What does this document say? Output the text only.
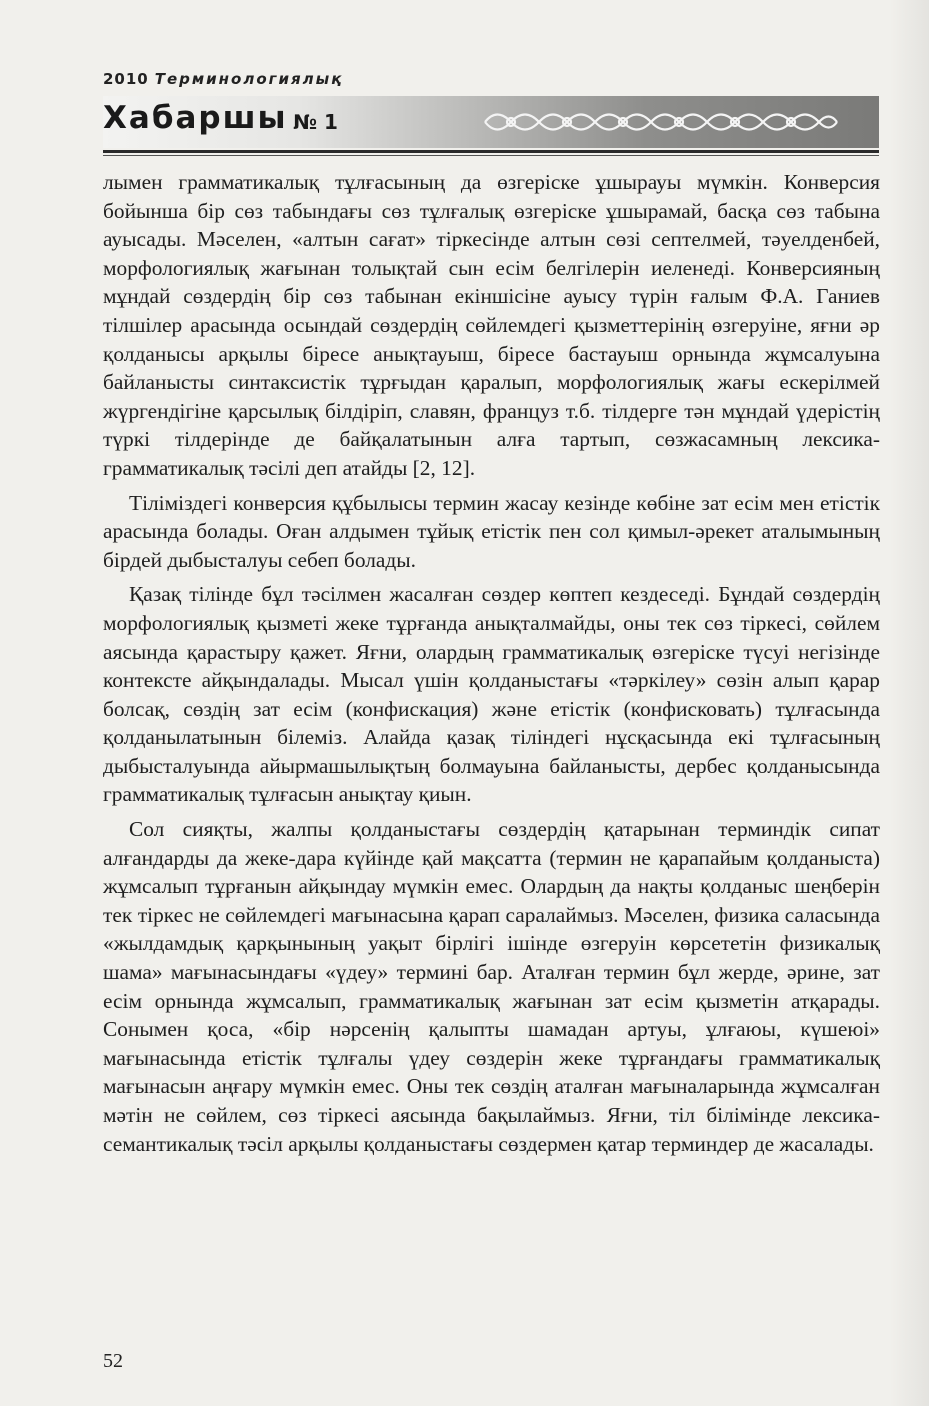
2010 Терминологиялық
Хабаршы № 1

лымен грамматикалық тұлғасының да өзгеріске ұшырауы мүмкін. Конверсия бойынша бір сөз табындағы сөз тұлғалық өзгеріске ұшырамай, басқа сөз табына ауысады. Мәселен, «алтын сағат» тіркесінде алтын сөзі септелмей, тәуелденбей, морфологиялық жағынан толықтай сын есім белгілерін иеленеді. Конверсияның мұндай сөздердің бір сөз табынан екіншісіне ауысу түрін ғалым Ф.А. Ганиев тілшілер арасында осындай сөздердің сөйлемдегі қызметтерінің өзгеруіне, яғни әр қолданысы арқылы біресе анықтауыш, біресе бастауыш орнында жұмсалуына байланысты синтаксистік тұрғыдан қаралып, морфологиялық жағы ескерілмей жүргендігіне қарсылық білдіріп, славян, француз т.б. тілдерге тән мұндай үдерістің түркі тілдерінде де байқалатынын алға тартып, сөзжасамның лексика-грамматикалық тәсілі деп атайды [2, 12].

Тіліміздегі конверсия құбылысы термин жасау кезінде көбіне зат есім мен етістік арасында болады. Оған алдымен тұйық етістік пен сол қимыл-әрекет аталымының бірдей дыбысталуы себеп болады.

Қазақ тілінде бұл тәсілмен жасалған сөздер көптеп кездеседі. Бұндай сөздердің морфологиялық қызметі жеке тұрғанда анықталмайды, оны тек сөз тіркесі, сөйлем аясында қарастыру қажет. Яғни, олардың грамматикалық өзгеріске түсуі негізінде контексте айқындалады. Мысал үшін қолданыстағы «тәркілеу» сөзін алып қарар болсақ, сөздің зат есім (конфискация) және етістік (конфисковать) тұлғасында қолданылатынын білеміз. Алайда қазақ тіліндегі нұсқасында екі тұлғасының дыбысталуында айырмашылықтың болмауына байланысты, дербес қолданысында грамматикалық тұлғасын анықтау қиын.

Сол сияқты, жалпы қолданыстағы сөздердің қатарынан терминдік сипат алғандарды да жеке-дара күйінде қай мақсатта (термин не қарапайым қолданыста) жұмсалып тұрғанын айқындау мүмкін емес. Олардың да нақты қолданыс шеңберін тек тіркес не сөйлемдегі мағынасына қарап саралаймыз. Мәселен, физика саласында «жылдамдық қарқынының уақыт бірлігі ішінде өзгеруін көрсететін физикалық шама» мағынасындағы «үдеу» термині бар. Аталған термин бұл жерде, әрине, зат есім орнында жұмсалып, грамматикалық жағынан зат есім қызметін атқарады. Сонымен қоса, «бір нәрсенің қалыпты шамадан артуы, ұлғаюы, күшеюі» мағынасында етістік тұлғалы үдеу сөздерін жеке тұрғандағы грамматикалық мағынасын аңғару мүмкін емес. Оны тек сөздің аталған мағыналарында жұмсалған мәтін не сөйлем, сөз тіркесі аясында бақылаймыз. Яғни, тіл білімінде лексика-семантикалық тәсіл арқылы қолданыстағы сөздермен қатар терминдер де жасалады.

52
